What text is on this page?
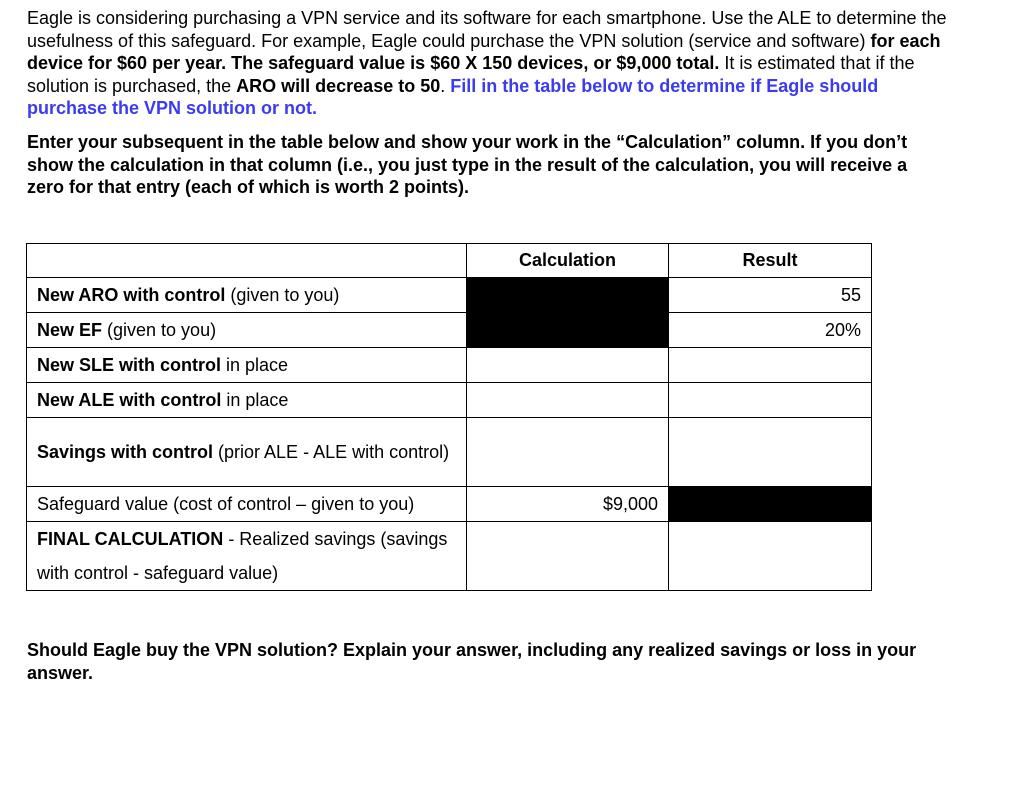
Eagle is considering purchasing a VPN service and its software for each smartphone. Use the ALE to determine the usefulness of this safeguard. For example, Eagle could purchase the VPN solution (service and software) for each device for $60 per year. The safeguard value is $60 X 150 devices, or $9,000 total. It is estimated that if the solution is purchased, the ARO will decrease to 50. Fill in the table below to determine if Eagle should purchase the VPN solution or not.
Enter your subsequent in the table below and show your work in the “Calculation” column. If you don’t show the calculation in that column (i.e., you just type in the result of the calculation, you will receive a zero for that entry (each of which is worth 2 points).
	Calculation	Result
New ARO with control (given to you)		55
New EF (given to you)		20%
New SLE with control in place		
New ALE with control in place		
Savings with control (prior ALE - ALE with control)		
Safeguard value (cost of control – given to you)	$9,000	
FINAL CALCULATION - Realized savings (savings with control - safeguard value)		
Should Eagle buy the VPN solution? Explain your answer, including any realized savings or loss in your answer.
